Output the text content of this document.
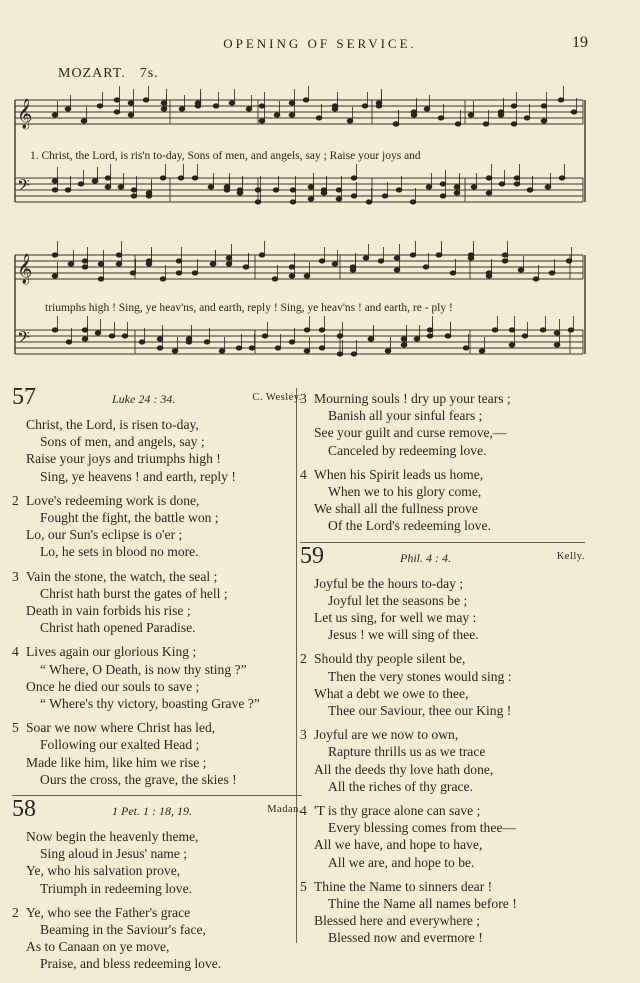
OPENING OF SERVICE.	19
MOZART. 7s.
𝄞
𝄞
𝄢
𝄢
1. Christ, the Lord, is ris'n to-day, Sons of men, and angels, say ; Raise your joys and
triumphs high ! Sing, ye heav'ns, and earth, reply ! Sing, ye heav'ns ! and earth, re - ply !
57	Luke 24 : 34.	C. Wesley.
Christ, the Lord, is risen to-day,
Sons of men, and angels, say ;
Raise your joys and triumphs high !
Sing, ye heavens ! and earth, reply !
2 Love's redeeming work is done,
Fought the fight, the battle won ;
Lo, our Sun's eclipse is o'er ;
Lo, he sets in blood no more.
3 Vain the stone, the watch, the seal ;
Christ hath burst the gates of hell ;
Death in vain forbids his rise ;
Christ hath opened Paradise.
4 Lives again our glorious King ;
“ Where, O Death, is now thy sting ?”
Once he died our souls to save ;
“ Where's thy victory, boasting Grave ?”
5 Soar we now where Christ has led,
Following our exalted Head ;
Made like him, like him we rise ;
Ours the cross, the grave, the skies !
58	1 Pet. 1 : 18, 19.	Madan.
Now begin the heavenly theme,
Sing aloud in Jesus' name ;
Ye, who his salvation prove,
Triumph in redeeming love.
2 Ye, who see the Father's grace
Beaming in the Saviour's face,
As to Canaan on ye move,
Praise, and bless redeeming love.
3 Mourning souls ! dry up your tears ;
Banish all your sinful fears ;
See your guilt and curse remove,—
Canceled by redeeming love.
4 When his Spirit leads us home,
When we to his glory come,
We shall all the fullness prove
Of the Lord's redeeming love.
59	Phil. 4 : 4.	Kelly.
Joyful be the hours to-day ;
Joyful let the seasons be ;
Let us sing, for well we may :
Jesus ! we will sing of thee.
2 Should thy people silent be,
Then the very stones would sing :
What a debt we owe to thee,
Thee our Saviour, thee our King !
3 Joyful are we now to own,
Rapture thrills us as we trace
All the deeds thy love hath done,
All the riches of thy grace.
4 'T is thy grace alone can save ;
Every blessing comes from thee—
All we have, and hope to have,
All we are, and hope to be.
5 Thine the Name to sinners dear !
Thine the Name all names before !
Blessed here and everywhere ;
Blessed now and evermore !
